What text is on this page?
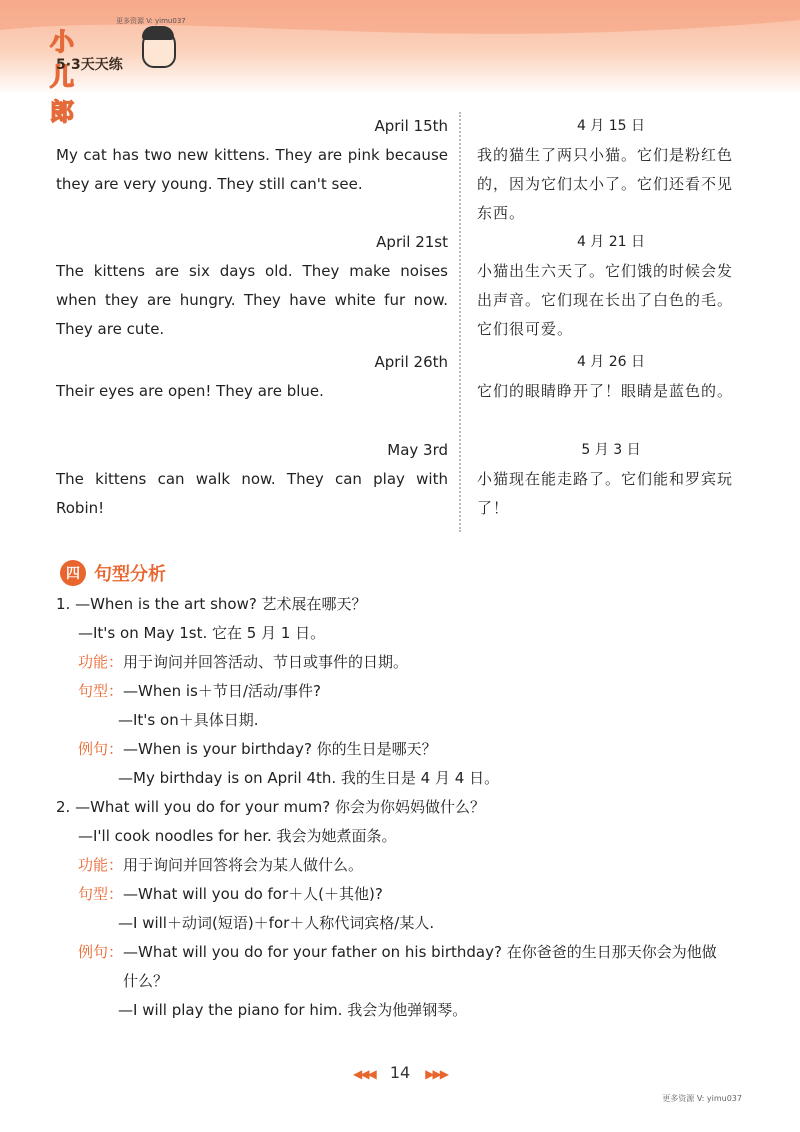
更多资源 V: yimu037
小儿郎
5·3天天练
April 15th
My cat has two new kittens. They are pink because they are very young. They still can't see.
4 月 15 日
我的猫生了两只小猫。它们是粉红色的，因为它们太小了。它们还看不见东西。
April 21st
The kittens are six days old. They make noises when they are hungry. They have white fur now. They are cute.
4 月 21 日
小猫出生六天了。它们饿的时候会发出声音。它们现在长出了白色的毛。它们很可爱。
April 26th
Their eyes are open! They are blue.
4 月 26 日
它们的眼睛睁开了！眼睛是蓝色的。
May 3rd
The kittens can walk now. They can play with Robin!
5 月 3 日
小猫现在能走路了。它们能和罗宾玩了！
四 句型分析
1. —When is the art show? 艺术展在哪天？
—It's on May 1st. 它在 5 月 1 日。
功能：用于询问并回答活动、节日或事件的日期。
句型：—When is＋节日/活动/事件?
—It's on＋具体日期.
例句：—When is your birthday? 你的生日是哪天？
—My birthday is on April 4th. 我的生日是 4 月 4 日。
2. —What will you do for your mum? 你会为你妈妈做什么？
—I'll cook noodles for her. 我会为她煮面条。
功能：用于询问并回答将会为某人做什么。
句型：—What will you do for＋人(＋其他)?
—I will＋动词(短语)＋for＋人称代词宾格/某人.
例句： —What will you do for your father on his birthday? 在你爸爸的生日那天你会为他做什么？
—I will play the piano for him. 我会为他弹钢琴。
◀◀◀ 14 ▶▶▶
更多资源 V: yimu037
